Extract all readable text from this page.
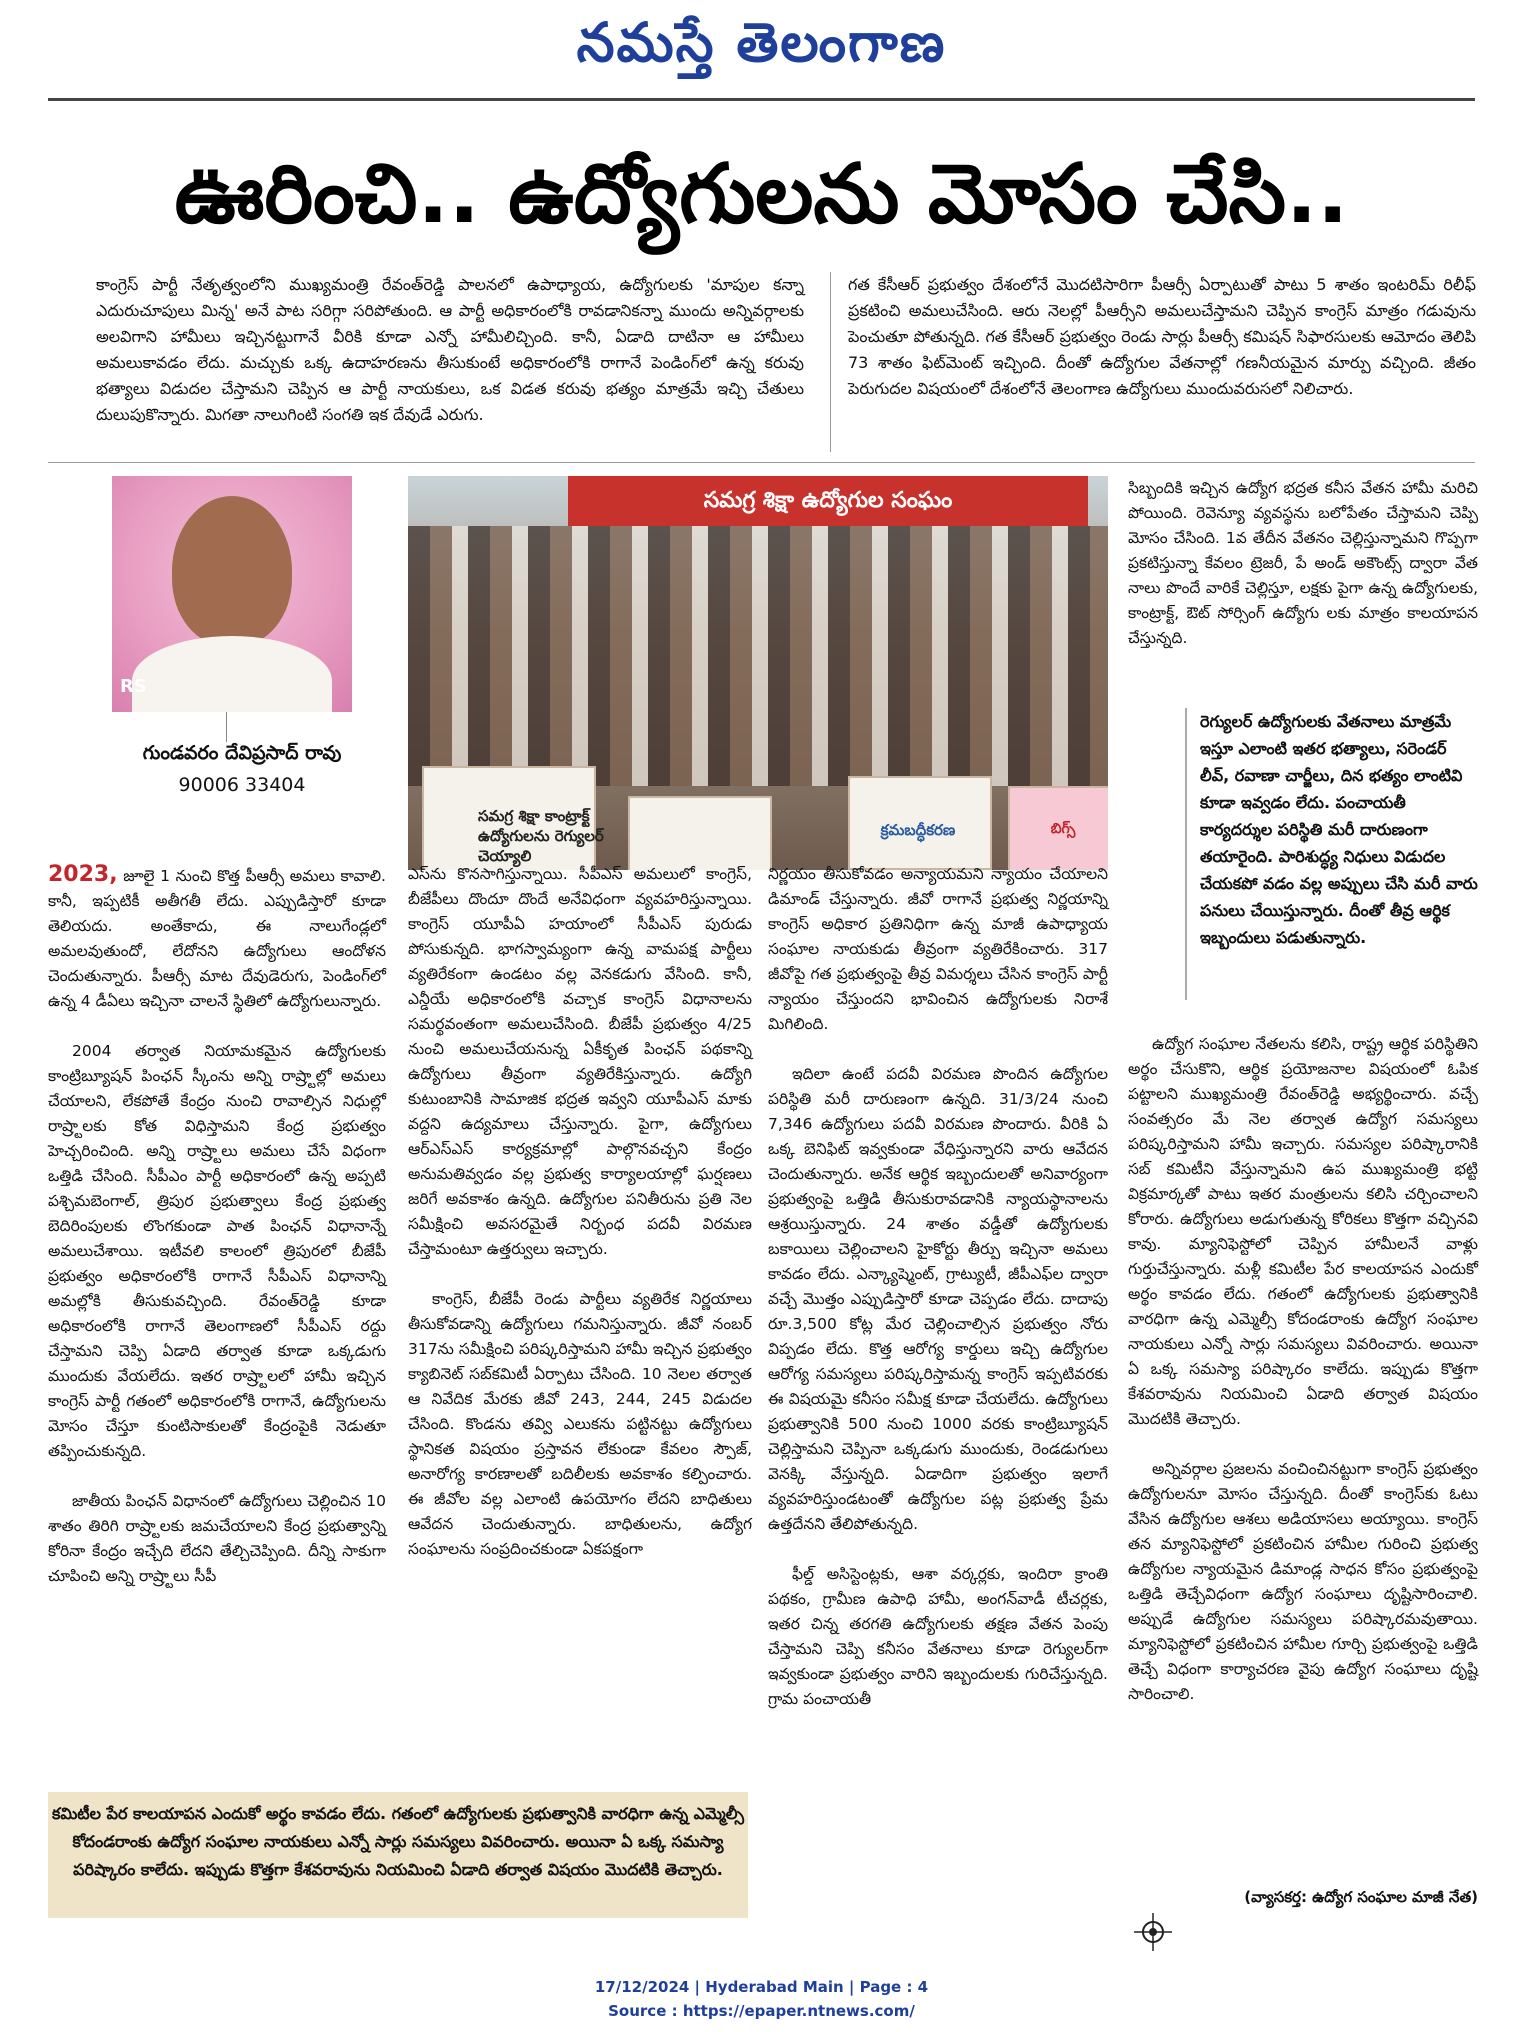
నమస్తే తెలంగాణ
ఊరించి.. ఉద్యోగులను మోసం చేసి..
కాంగ్రెస్ పార్టీ నేతృత్వంలోని ముఖ్యమంత్రి రేవంత్‌రెడ్డి పాలనలో ఉపాధ్యాయ, ఉద్యోగులకు 'మాపుల కన్నా ఎదురుచూపులు మిన్న' అనే పాట సరిగ్గా సరిపోతుంది. ఆ పార్టీ అధికారంలోకి రావడానికన్నా ముందు అన్నివర్గాలకు అలవిగాని హామీలు ఇచ్చినట్టుగానే వీరికి కూడా ఎన్నో హామీలిచ్చింది. కానీ, ఏడాది దాటినా ఆ హామీలు అమలుకావడం లేదు. మచ్చుకు ఒక్క ఉదాహరణను తీసుకుంటే అధికారంలోకి రాగానే పెండింగ్‌లో ఉన్న కరువు భత్యాలు విడుదల చేస్తామని చెప్పిన ఆ పార్టీ నాయకులు, ఒక విడత కరువు భత్యం మాత్రమే ఇచ్చి చేతులు దులుపుకొన్నారు. మిగతా నాలుగింటి సంగతి ఇక దేవుడే ఎరుగు.
గత కేసీఆర్ ప్రభుత్వం దేశంలోనే మొదటిసారిగా పీఆర్సీ ఏర్పాటుతో పాటు 5 శాతం ఇంటరిమ్ రిలీఫ్ ప్రకటించి అమలుచేసింది. ఆరు నెలల్లో పీఆర్సీని అమలుచేస్తామని చెప్పిన కాంగ్రెస్ మాత్రం గడువును పెంచుతూ పోతున్నది. గత కేసీఆర్ ప్రభుత్వం రెండు సార్లు పీఆర్సీ కమిషన్ సిఫారసులకు ఆమోదం తెలిపి 73 శాతం ఫిట్‌మెంట్ ఇచ్చింది. దీంతో ఉద్యోగుల వేతనాల్లో గణనీయమైన మార్పు వచ్చింది. జీతం పెరుగుదల విషయంలో దేశంలోనే తెలంగాణ ఉద్యోగులు ముందువరుసలో నిలిచారు.
RS
గుండవరం దేవిప్రసాద్ రావు
90006 33404
సమగ్ర శిక్షా ఉద్యోగుల సంఘం
సమగ్ర శిక్షా కాంట్రాక్ట్ ఉద్యోగులను రెగ్యులర్ చెయ్యాలి
క్రమబద్ధీకరణ	బిగ్స్
సిబ్బందికి ఇచ్చిన ఉద్యోగ భద్రత కనీస వేతన హామీ మరిచి పోయింది. రెవెన్యూ వ్యవస్థను బలోపేతం చేస్తామని చెప్పి మోసం చేసింది. 1వ తేదీన వేతనం చెల్లిస్తున్నామని గొప్పగా ప్రకటిస్తున్నా కేవలం ట్రెజరీ, పే అండ్ అకౌంట్స్ ద్వారా వేత నాలు పొందే వారికే చెల్లిస్తూ, లక్షకు పైగా ఉన్న ఉద్యోగులకు, కాంట్రాక్ట్, ఔట్ సోర్సింగ్ ఉద్యోగు లకు మాత్రం కాలయాపన చేస్తున్నది.
రెగ్యులర్ ఉద్యోగులకు వేతనాలు మాత్రమే ఇస్తూ ఎలాంటి ఇతర భత్యాలు, సరెండర్ లీవ్, రవాణా చార్జీలు, దిన భత్యం లాంటివి కూడా ఇవ్వడం లేదు. పంచాయతీ కార్యదర్శుల పరిస్థితి మరీ దారుణంగా తయారైంది. పారిశుద్ధ్య నిధులు విడుదల చేయకపో వడం వల్ల అప్పులు చేసి మరీ వారు పనులు చేయిస్తున్నారు. దీంతో తీవ్ర ఆర్థిక ఇబ్బందులు పడుతున్నారు.

2023, జూలై 1 నుంచి కొత్త పీఆర్సీ అమలు కావాలి. కానీ, ఇప్పటికీ అతీగతీ లేదు. ఎప్పుడిస్తారో కూడా తెలియదు. అంతేకాదు, ఈ నాలుగేండ్లలో అమలవుతుందో, లేదోనని ఉద్యోగులు ఆందోళన చెందుతున్నారు. పీఆర్సీ మాట దేవుడెరుగు, పెండింగ్‌లో ఉన్న 4 డీఏలు ఇచ్చినా చాలనే స్థితిలో ఉద్యోగులున్నారు.

2004 తర్వాత నియామకమైన ఉద్యోగులకు కాంట్రిబ్యూషన్ పింఛన్ స్కీంను అన్ని రాష్ర్టాల్లో అమలు చేయాలని, లేకపోతే కేంద్రం నుంచి రావాల్సిన నిధుల్లో రాష్ర్టాలకు కోత విధిస్తామని కేంద్ర ప్రభుత్వం హెచ్చరించింది. అన్ని రాష్ర్టాలు అమలు చేసే విధంగా ఒత్తిడి చేసింది. సీపీఎం పార్టీ అధికారంలో ఉన్న అప్పటి పశ్చిమబెంగాల్, త్రిపుర ప్రభుత్వాలు కేంద్ర ప్రభుత్వ బెదిరింపులకు లొంగకుండా పాత పింఛన్ విధానాన్నే అమలుచేశాయి. ఇటీవలి కాలంలో త్రిపురలో బీజేపీ ప్రభుత్వం అధికారంలోకి రాగానే సీపీఎస్ విధానాన్ని అమల్లోకి తీసుకువచ్చింది. రేవంత్‌రెడ్డి కూడా అధికారంలోకి రాగానే తెలంగాణలో సీపీఎస్ రద్దు చేస్తామని చెప్పి ఏడాది తర్వాత కూడా ఒక్కడుగు ముందుకు వేయలేదు. ఇతర రాష్ర్టాలలో హామీ ఇచ్చిన కాంగ్రెస్ పార్టీ గతంలో అధికారంలోకి రాగానే, ఉద్యోగులను మోసం చేస్తూ కుంటిసాకులతో కేంద్రంపైకి నెడుతూ తప్పించుకున్నది.

జాతీయ పింఛన్ విధానంలో ఉద్యోగులు చెల్లించిన 10 శాతం తిరిగి రాష్ర్టాలకు జమచేయాలని కేంద్ర ప్రభుత్వాన్ని కోరినా కేంద్రం ఇచ్చేది లేదని తేల్చిచెప్పింది. దీన్ని సాకుగా చూపించి అన్ని రాష్ర్టాలు సీపీ

ఎస్‌ను కొనసాగిస్తున్నాయి. సీపీఎస్ అమలులో కాంగ్రెస్, బీజేపీలు దొందూ దొందే అనేవిధంగా వ్యవహరిస్తున్నాయి. కాంగ్రెస్ యూపీఏ హయాంలో సీపీఎస్ పురుడు పోసుకున్నది. భాగస్వామ్యంగా ఉన్న వామపక్ష పార్టీలు వ్యతిరేకంగా ఉండటం వల్ల వెనకడుగు వేసింది. కానీ, ఎన్డీయే అధికారంలోకి వచ్చాక కాంగ్రెస్ విధానాలను సమర్థవంతంగా అమలుచేసింది. బీజేపీ ప్రభుత్వం 4/25 నుంచి అమలుచేయనున్న ఏకీకృత పింఛన్ పథకాన్ని ఉద్యోగులు తీవ్రంగా వ్యతిరేకిస్తున్నారు. ఉద్యోగి కుటుంబానికి సామాజిక భద్రత ఇవ్వని యూపీఎస్ మాకు వద్దని ఉద్యమాలు చేస్తున్నారు. పైగా, ఉద్యోగులు ఆర్‌ఎస్‌ఎస్ కార్యక్రమాల్లో పాల్గొనవచ్చని కేంద్రం అనుమతివ్వడం వల్ల ప్రభుత్వ కార్యాలయాల్లో ఘర్షణలు జరిగే అవకాశం ఉన్నది. ఉద్యోగుల పనితీరును ప్రతి నెల సమీక్షించి అవసరమైతే నిర్బంధ పదవీ విరమణ చేస్తామంటూ ఉత్తర్వులు ఇచ్చారు.

కాంగ్రెస్, బీజేపీ రెండు పార్టీలు వ్యతిరేక నిర్ణయాలు తీసుకోవడాన్ని ఉద్యోగులు గమనిస్తున్నారు. జీవో నంబర్ 317ను సమీక్షించి పరిష్కరిస్తామని హామీ ఇచ్చిన ప్రభుత్వం క్యాబినెట్ సబ్‌కమిటీ ఏర్పాటు చేసింది. 10 నెలల తర్వాత ఆ నివేదిక మేరకు జీవో 243, 244, 245 విడుదల చేసింది. కొండను తవ్వి ఎలుకను పట్టినట్టు ఉద్యోగులు స్థానికత విషయం ప్రస్తావన లేకుండా కేవలం స్పౌజ్, అనారోగ్య కారణాలతో బదిలీలకు అవకాశం కల్పించారు. ఈ జీవోల వల్ల ఎలాంటి ఉపయోగం లేదని బాధితులు ఆవేదన చెందుతున్నారు. బాధితులను, ఉద్యోగ సంఘాలను సంప్రదించకుండా ఏకపక్షంగా

నిర్ణయం తీసుకోవడం అన్యాయమని న్యాయం చేయాలని డిమాండ్ చేస్తున్నారు. జీవో రాగానే ప్రభుత్వ నిర్ణయాన్ని కాంగ్రెస్ అధికార ప్రతినిధిగా ఉన్న మాజీ ఉపాధ్యాయ సంఘాల నాయకుడు తీవ్రంగా వ్యతిరేకించారు. 317 జీవోపై గత ప్రభుత్వంపై తీవ్ర విమర్శలు చేసిన కాంగ్రెస్ పార్టీ న్యాయం చేస్తుందని భావించిన ఉద్యోగులకు నిరాశే మిగిలింది.

ఇదిలా ఉంటే పదవీ విరమణ పొందిన ఉద్యోగుల పరిస్థితి మరీ దారుణంగా ఉన్నది. 31/3/24 నుంచి 7,346 ఉద్యోగులు పదవీ విరమణ పొందారు. వీరికి ఏ ఒక్క బెనిఫిట్ ఇవ్వకుండా వేధిస్తున్నారని వారు ఆవేదన చెందుతున్నారు. అనేక ఆర్థిక ఇబ్బందులతో అనివార్యంగా ప్రభుత్వంపై ఒత్తిడి తీసుకురావడానికి న్యాయస్థానాలను ఆశ్రయిస్తున్నారు. 24 శాతం వడ్డీతో ఉద్యోగులకు బకాయిలు చెల్లించాలని హైకోర్టు తీర్పు ఇచ్చినా అమలు కావడం లేదు. ఎన్క్యాష్మెంట్, గ్రాట్యుటీ, జీపీఎఫ్‌ల ద్వారా వచ్చే మొత్తం ఎప్పుడిస్తారో కూడా చెప్పడం లేదు. దాదాపు రూ.3,500 కోట్ల మేర చెల్లించాల్సిన ప్రభుత్వం నోరు విప్పడం లేదు. కొత్త ఆరోగ్య కార్డులు ఇచ్చి ఉద్యోగుల ఆరోగ్య సమస్యలు పరిష్కరిస్తామన్న కాంగ్రెస్ ఇప్పటివరకు ఈ విషయమై కనీసం సమీక్ష కూడా చేయలేదు. ఉద్యోగులు ప్రభుత్వానికి 500 నుంచి 1000 వరకు కాంట్రిబ్యూషన్ చెల్లిస్తామని చెప్పినా ఒక్కడుగు ముందుకు, రెండడుగులు వెనక్కి వేస్తున్నది. ఏడాదిగా ప్రభుత్వం ఇలాగే వ్యవహరిస్తుండటంతో ఉద్యోగుల పట్ల ప్రభుత్వ ప్రేమ ఉత్తదేనని తేలిపోతున్నది.

ఫీల్డ్ అసిస్టెంట్లకు, ఆశా వర్కర్లకు, ఇందిరా క్రాంతి పథకం, గ్రామీణ ఉపాధి హామీ, అంగన్‌వాడీ టీచర్లకు, ఇతర చిన్న తరగతి ఉద్యోగులకు తక్షణ వేతన పెంపు చేస్తామని చెప్పి కనీసం వేతనాలు కూడా రెగ్యులర్‌గా ఇవ్వకుండా ప్రభుత్వం వారిని ఇబ్బందులకు గురిచేస్తున్నది. గ్రామ పంచాయతీ

ఉద్యోగ సంఘాల నేతలను కలిసి, రాష్ట్ర ఆర్థిక పరిస్థితిని అర్థం చేసుకొని, ఆర్థిక ప్రయోజనాల విషయంలో ఓపిక పట్టాలని ముఖ్యమంత్రి రేవంత్‌రెడ్డి అభ్యర్థించారు. వచ్చే సంవత్సరం మే నెల తర్వాత ఉద్యోగ సమస్యలు పరిష్కరిస్తామని హామీ ఇచ్చారు. సమస్యల పరిష్కారానికి సబ్ కమిటీని వేస్తున్నామని ఉప ముఖ్యమంత్రి భట్టి విక్రమార్కతో పాటు ఇతర మంత్రులను కలిసి చర్చించాలని కోరారు. ఉద్యోగులు అడుగుతున్న కోరికలు కొత్తగా వచ్చినవి కావు. మ్యానిఫెస్టోలో చెప్పిన హామీలనే వాళ్లు గుర్తుచేస్తున్నారు. మళ్లీ కమిటీల పేర కాలయాపన ఎందుకో అర్థం కావడం లేదు. గతంలో ఉద్యోగులకు ప్రభుత్వానికి వారధిగా ఉన్న ఎమ్మెల్సీ కోదండరాంకు ఉద్యోగ సంఘాల నాయకులు ఎన్నో సార్లు సమస్యలు వివరించారు. అయినా ఏ ఒక్క సమస్యా పరిష్కారం కాలేదు. ఇప్పుడు కొత్తగా కేశవరావును నియమించి ఏడాది తర్వాత విషయం మొదటికి తెచ్చారు.

అన్నివర్గాల ప్రజలను వంచించినట్టుగా కాంగ్రెస్ ప్రభుత్వం ఉద్యోగులనూ మోసం చేస్తున్నది. దీంతో కాంగ్రెస్‌కు ఓటు వేసిన ఉద్యోగుల ఆశలు అడియాసలు అయ్యాయి. కాంగ్రెస్ తన మ్యానిఫెస్టోలో ప్రకటించిన హామీల గురించి ప్రభుత్వ ఉద్యోగుల న్యాయమైన డిమాండ్ల సాధన కోసం ప్రభుత్వంపై ఒత్తిడి తెచ్చేవిధంగా ఉద్యోగ సంఘాలు దృష్టిసారించాలి. అప్పుడే ఉద్యోగుల సమస్యలు పరిష్కారమవుతాయి. మ్యానిఫెస్టోలో ప్రకటించిన హామీల గూర్చి ప్రభుత్వంపై ఒత్తిడి తెచ్చే విధంగా కార్యాచరణ వైపు ఉద్యోగ సంఘాలు దృష్టి సారించాలి.

కమిటీల పేర కాలయాపన ఎందుకో అర్థం కావడం లేదు. గతంలో ఉద్యోగులకు ప్రభుత్వానికి వారధిగా ఉన్న ఎమ్మెల్సీ కోదండరాంకు ఉద్యోగ సంఘాల నాయకులు ఎన్నో సార్లు సమస్యలు వివరించారు. అయినా ఏ ఒక్క సమస్యా పరిష్కారం కాలేదు. ఇప్పుడు కొత్తగా కేశవరావును నియమించి ఏడాది తర్వాత విషయం మొదటికి తెచ్చారు.
(వ్యాసకర్త: ఉద్యోగ సంఘాల మాజీ నేత)
17/12/2024 | Hyderabad Main | Page : 4
Source : https://epaper.ntnews.com/
